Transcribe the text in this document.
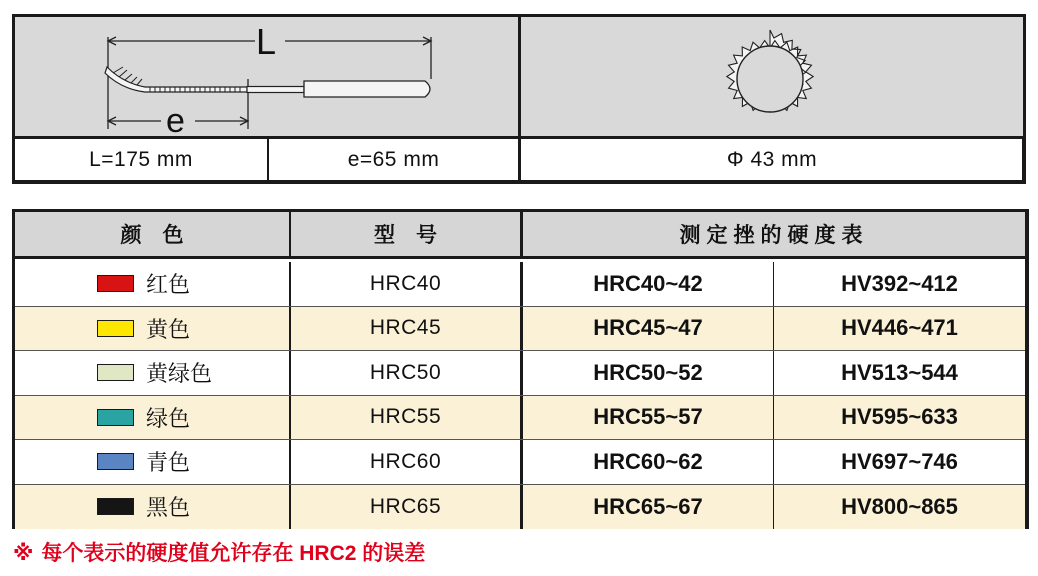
L
e
L=175 mm	e=65 mm	Φ 43 mm
颜　色	型　号	测定挫的硬度表
红色	HRC40	HRC40~42	HV392~412
黄色	HRC45	HRC45~47	HV446~471
黄绿色	HRC50	HRC50~52	HV513~544
绿色	HRC55	HRC55~57	HV595~633
青色	HRC60	HRC60~62	HV697~746
黑色	HRC65	HRC65~67	HV800~865
※ 每个表示的硬度值允许存在 HRC2 的误差
